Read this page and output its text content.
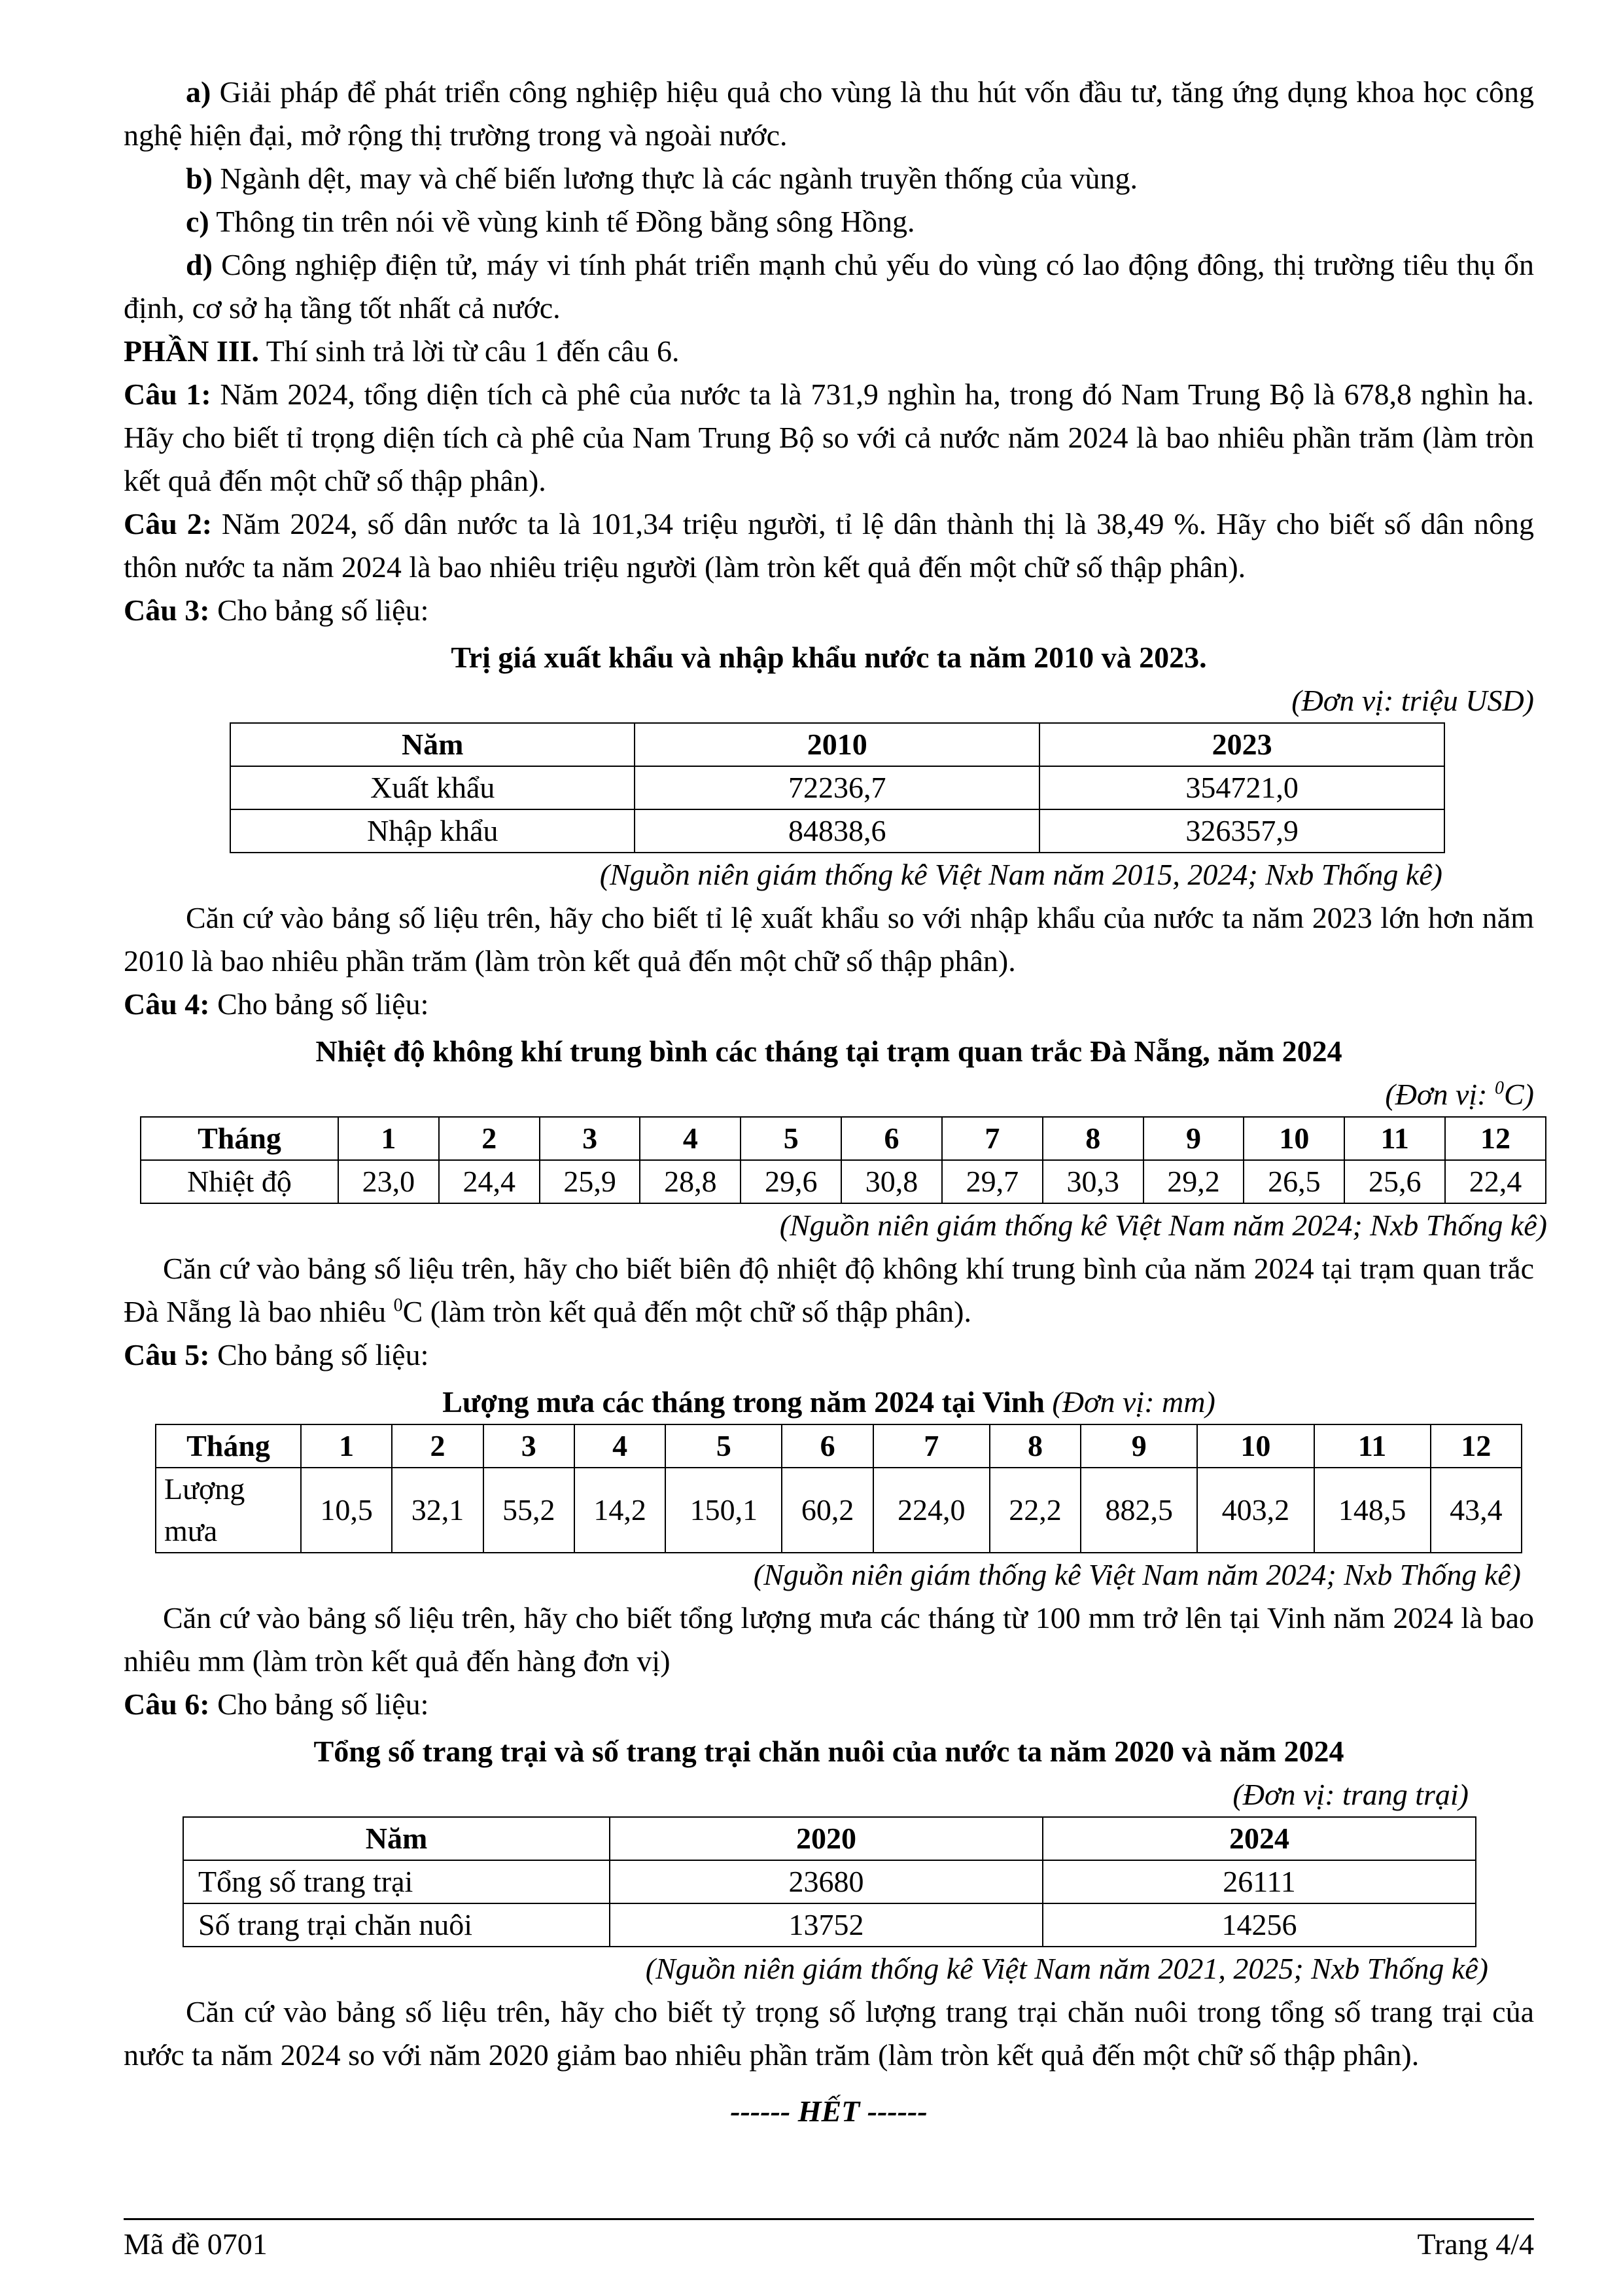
a) Giải pháp để phát triển công nghiệp hiệu quả cho vùng là thu hút vốn đầu tư, tăng ứng dụng khoa học công nghệ hiện đại, mở rộng thị trường trong và ngoài nước.

b) Ngành dệt, may và chế biến lương thực là các ngành truyền thống của vùng.

c) Thông tin trên nói về vùng kinh tế Đồng bằng sông Hồng.

d) Công nghiệp điện tử, máy vi tính phát triển mạnh chủ yếu do vùng có lao động đông, thị trường tiêu thụ ổn định, cơ sở hạ tầng tốt nhất cả nước.

PHẦN III. Thí sinh trả lời từ câu 1 đến câu 6.

Câu 1: Năm 2024, tổng diện tích cà phê của nước ta là 731,9 nghìn ha, trong đó Nam Trung Bộ là 678,8 nghìn ha. Hãy cho biết tỉ trọng diện tích cà phê của Nam Trung Bộ so với cả nước năm 2024 là bao nhiêu phần trăm (làm tròn kết quả đến một chữ số thập phân).

Câu 2: Năm 2024, số dân nước ta là 101,34 triệu người, tỉ lệ dân thành thị là 38,49 %. Hãy cho biết số dân nông thôn nước ta năm 2024 là bao nhiêu triệu người (làm tròn kết quả đến một chữ số thập phân).

Câu 3: Cho bảng số liệu:

Trị giá xuất khẩu và nhập khẩu nước ta năm 2010 và 2023.

(Đơn vị: triệu USD)

Năm	2010	2023
Xuất khẩu	72236,7	354721,0
Nhập khẩu	84838,6	326357,9

(Nguồn niên giám thống kê Việt Nam năm 2015, 2024; Nxb Thống kê)

Căn cứ vào bảng số liệu trên, hãy cho biết tỉ lệ xuất khẩu so với nhập khẩu của nước ta năm 2023 lớn hơn năm 2010 là bao nhiêu phần trăm (làm tròn kết quả đến một chữ số thập phân).

Câu 4: Cho bảng số liệu:

Nhiệt độ không khí trung bình các tháng tại trạm quan trắc Đà Nẵng, năm 2024

(Đơn vị: $^0$C)

Tháng	1	2	3	4	5	6	7	8	9	10	11	12
Nhiệt độ	23,0	24,4	25,9	28,8	29,6	30,8	29,7	30,3	29,2	26,5	25,6	22,4

(Nguồn niên giám thống kê Việt Nam năm 2024; Nxb Thống kê)

Căn cứ vào bảng số liệu trên, hãy cho biết biên độ nhiệt độ không khí trung bình của năm 2024 tại trạm quan trắc Đà Nẵng là bao nhiêu $^0$C (làm tròn kết quả đến một chữ số thập phân).

Câu 5: Cho bảng số liệu:

Lượng mưa các tháng trong năm 2024 tại Vinh (Đơn vị: mm)

Tháng	1	2	3	4	5	6	7	8	9	10	11	12
Lượng mưa	10,5	32,1	55,2	14,2	150,1	60,2	224,0	22,2	882,5	403,2	148,5	43,4

(Nguồn niên giám thống kê Việt Nam năm 2024; Nxb Thống kê)

Căn cứ vào bảng số liệu trên, hãy cho biết tổng lượng mưa các tháng từ 100 mm trở lên tại Vinh năm 2024 là bao nhiêu mm (làm tròn kết quả đến hàng đơn vị)

Câu 6: Cho bảng số liệu:

Tổng số trang trại và số trang trại chăn nuôi của nước ta năm 2020 và năm 2024

(Đơn vị: trang trại)

Năm	2020	2024
Tổng số trang trại	23680	26111
Số trang trại chăn nuôi	13752	14256

(Nguồn niên giám thống kê Việt Nam năm 2021, 2025; Nxb Thống kê)

Căn cứ vào bảng số liệu trên, hãy cho biết tỷ trọng số lượng trang trại chăn nuôi trong tổng số trang trại của nước ta năm 2024 so với năm 2020 giảm bao nhiêu phần trăm (làm tròn kết quả đến một chữ số thập phân).

------ HẾT ------

Mã đề 0701	Trang 4/4
